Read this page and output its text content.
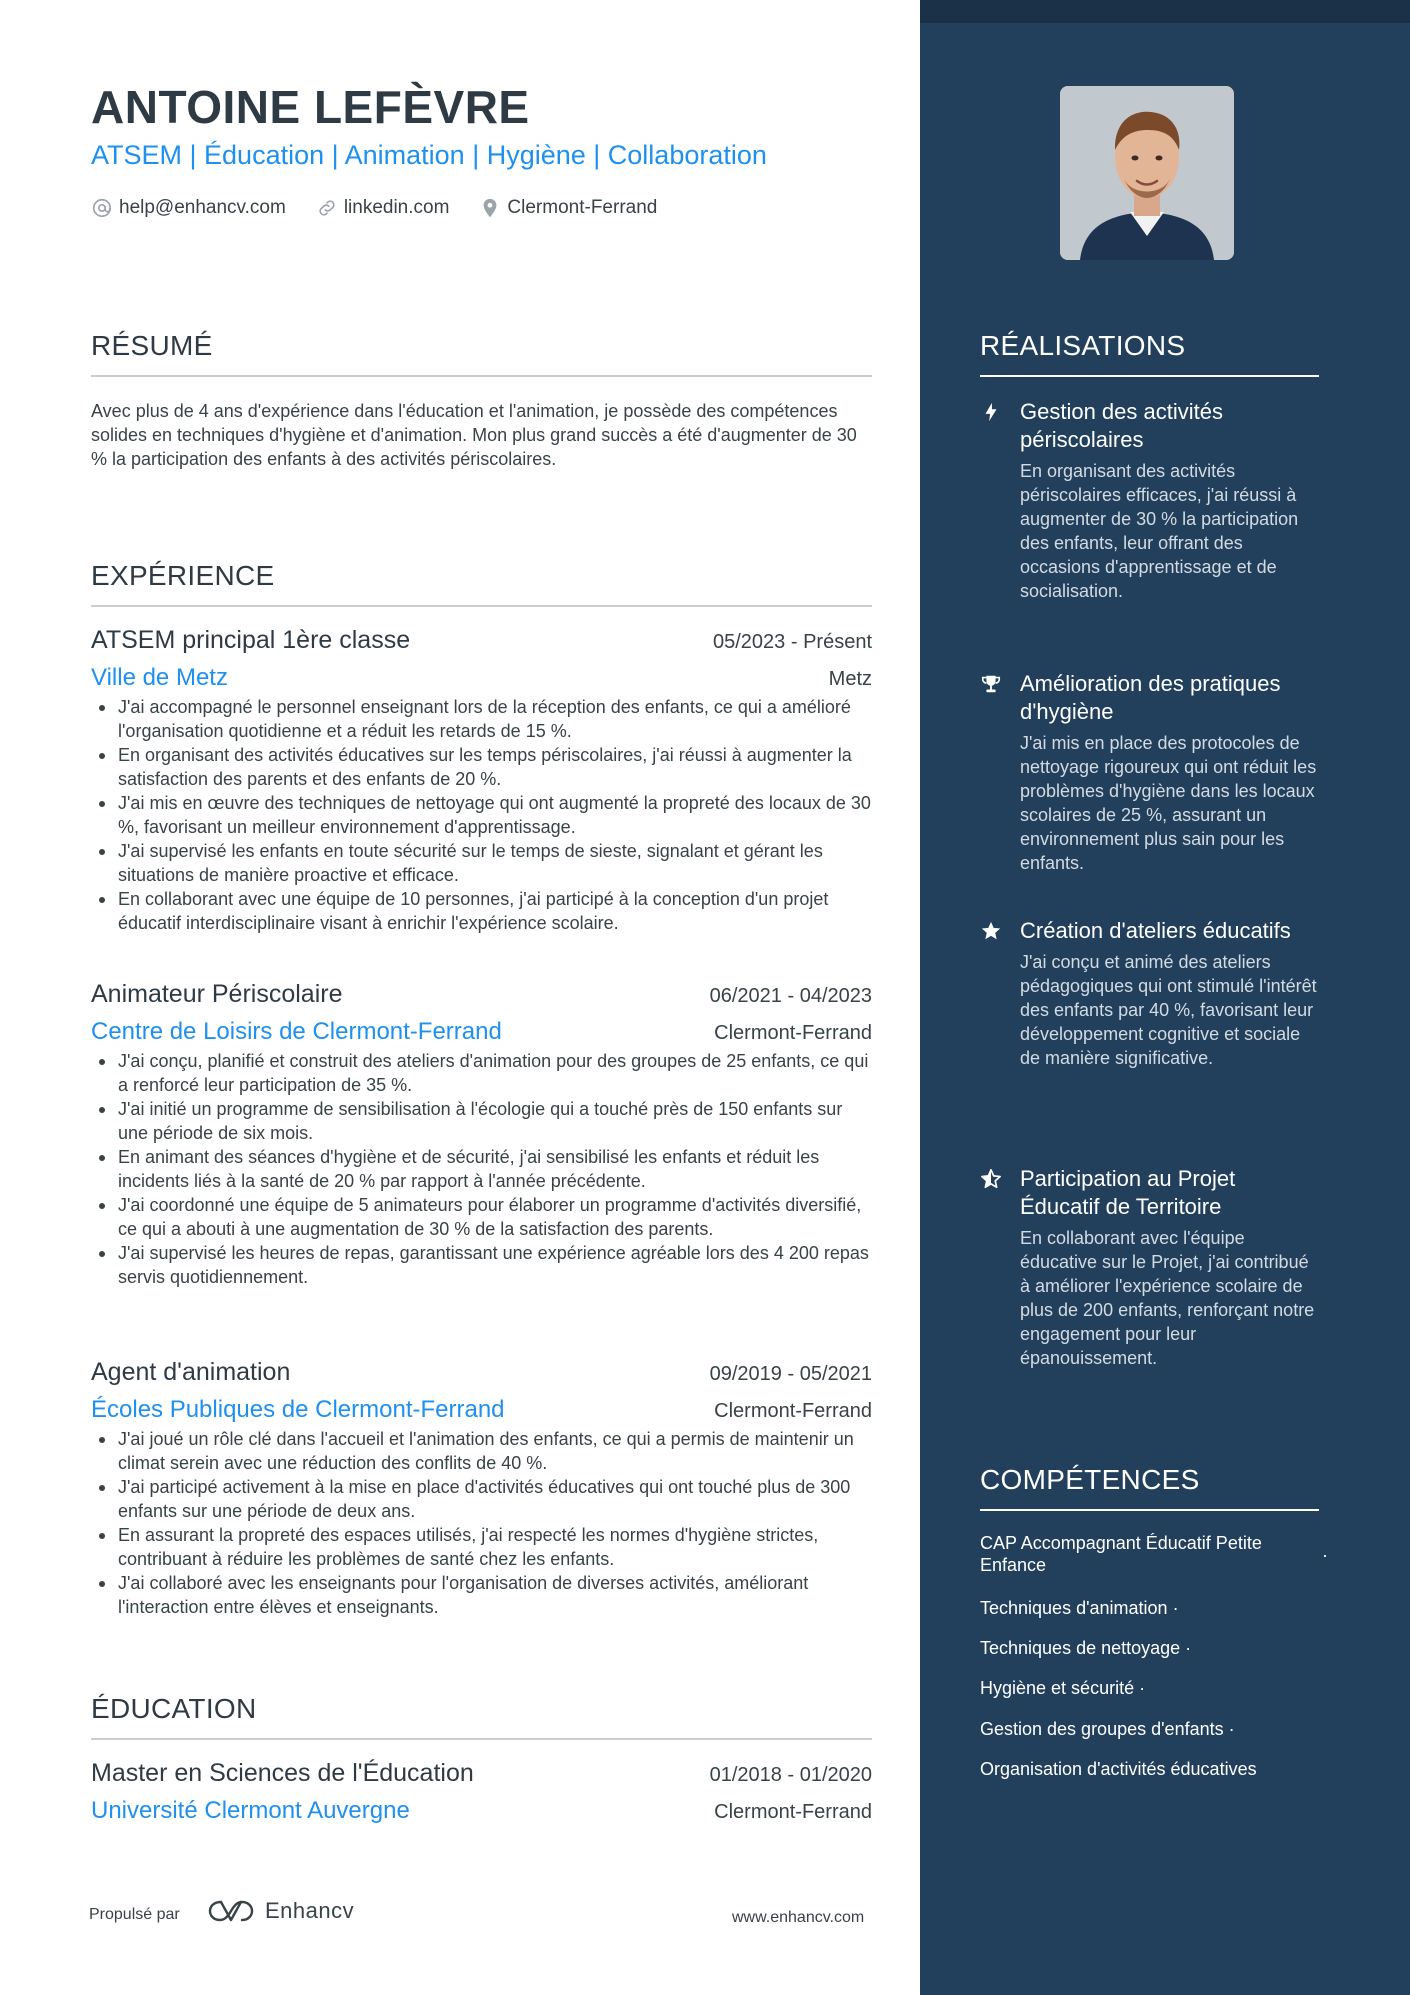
ANTOINE LEFÈVRE
ATSEM | Éducation | Animation | Hygiène | Collaboration
help@enhancv.com	linkedin.com	Clermont-Ferrand
RÉSUMÉ
Avec plus de 4 ans d'expérience dans l'éducation et l'animation, je possède des compétences solides en techniques d'hygiène et d'animation. Mon plus grand succès a été d'augmenter de 30 % la participation des enfants à des activités périscolaires.
EXPÉRIENCE
ATSEM principal 1ère classe	05/2023 - Présent
Ville de Metz	Metz
J'ai accompagné le personnel enseignant lors de la réception des enfants, ce qui a amélioré l'organisation quotidienne et a réduit les retards de 15 %.
En organisant des activités éducatives sur les temps périscolaires, j'ai réussi à augmenter la satisfaction des parents et des enfants de 20 %.
J'ai mis en œuvre des techniques de nettoyage qui ont augmenté la propreté des locaux de 30 %, favorisant un meilleur environnement d'apprentissage.
J'ai supervisé les enfants en toute sécurité sur le temps de sieste, signalant et gérant les situations de manière proactive et efficace.
En collaborant avec une équipe de 10 personnes, j'ai participé à la conception d'un projet éducatif interdisciplinaire visant à enrichir l'expérience scolaire.
Animateur Périscolaire	06/2021 - 04/2023
Centre de Loisirs de Clermont-Ferrand	Clermont-Ferrand
J'ai conçu, planifié et construit des ateliers d'animation pour des groupes de 25 enfants, ce qui a renforcé leur participation de 35 %.
J'ai initié un programme de sensibilisation à l'écologie qui a touché près de 150 enfants sur une période de six mois.
En animant des séances d'hygiène et de sécurité, j'ai sensibilisé les enfants et réduit les incidents liés à la santé de 20 % par rapport à l'année précédente.
J'ai coordonné une équipe de 5 animateurs pour élaborer un programme d'activités diversifié, ce qui a abouti à une augmentation de 30 % de la satisfaction des parents.
J'ai supervisé les heures de repas, garantissant une expérience agréable lors des 4 200 repas servis quotidiennement.
Agent d'animation	09/2019 - 05/2021
Écoles Publiques de Clermont-Ferrand	Clermont-Ferrand
J'ai joué un rôle clé dans l'accueil et l'animation des enfants, ce qui a permis de maintenir un climat serein avec une réduction des conflits de 40 %.
J'ai participé activement à la mise en place d'activités éducatives qui ont touché plus de 300 enfants sur une période de deux ans.
En assurant la propreté des espaces utilisés, j'ai respecté les normes d'hygiène strictes, contribuant à réduire les problèmes de santé chez les enfants.
J'ai collaboré avec les enseignants pour l'organisation de diverses activités, améliorant l'interaction entre élèves et enseignants.
ÉDUCATION
Master en Sciences de l'Éducation	01/2018 - 01/2020
Université Clermont Auvergne	Clermont-Ferrand
Propulsé par	Enhancv	www.enhancv.com
RÉALISATIONS
Gestion des activités périscolaires
En organisant des activités périscolaires efficaces, j'ai réussi à augmenter de 30 % la participation des enfants, leur offrant des occasions d'apprentissage et de socialisation.
Amélioration des pratiques d'hygiène
J'ai mis en place des protocoles de nettoyage rigoureux qui ont réduit les problèmes d'hygiène dans les locaux scolaires de 25 %, assurant un environnement plus sain pour les enfants.
Création d'ateliers éducatifs
J'ai conçu et animé des ateliers pédagogiques qui ont stimulé l'intérêt des enfants par 40 %, favorisant leur développement cognitive et sociale de manière significative.
Participation au Projet Éducatif de Territoire
En collaborant avec l'équipe éducative sur le Projet, j'ai contribué à améliorer l'expérience scolaire de plus de 200 enfants, renforçant notre engagement pour leur épanouissement.
COMPÉTENCES
CAP Accompagnant Éducatif Petite Enfance	·
Techniques d'animation ·
Techniques de nettoyage ·
Hygiène et sécurité ·
Gestion des groupes d'enfants ·
Organisation d'activités éducatives
